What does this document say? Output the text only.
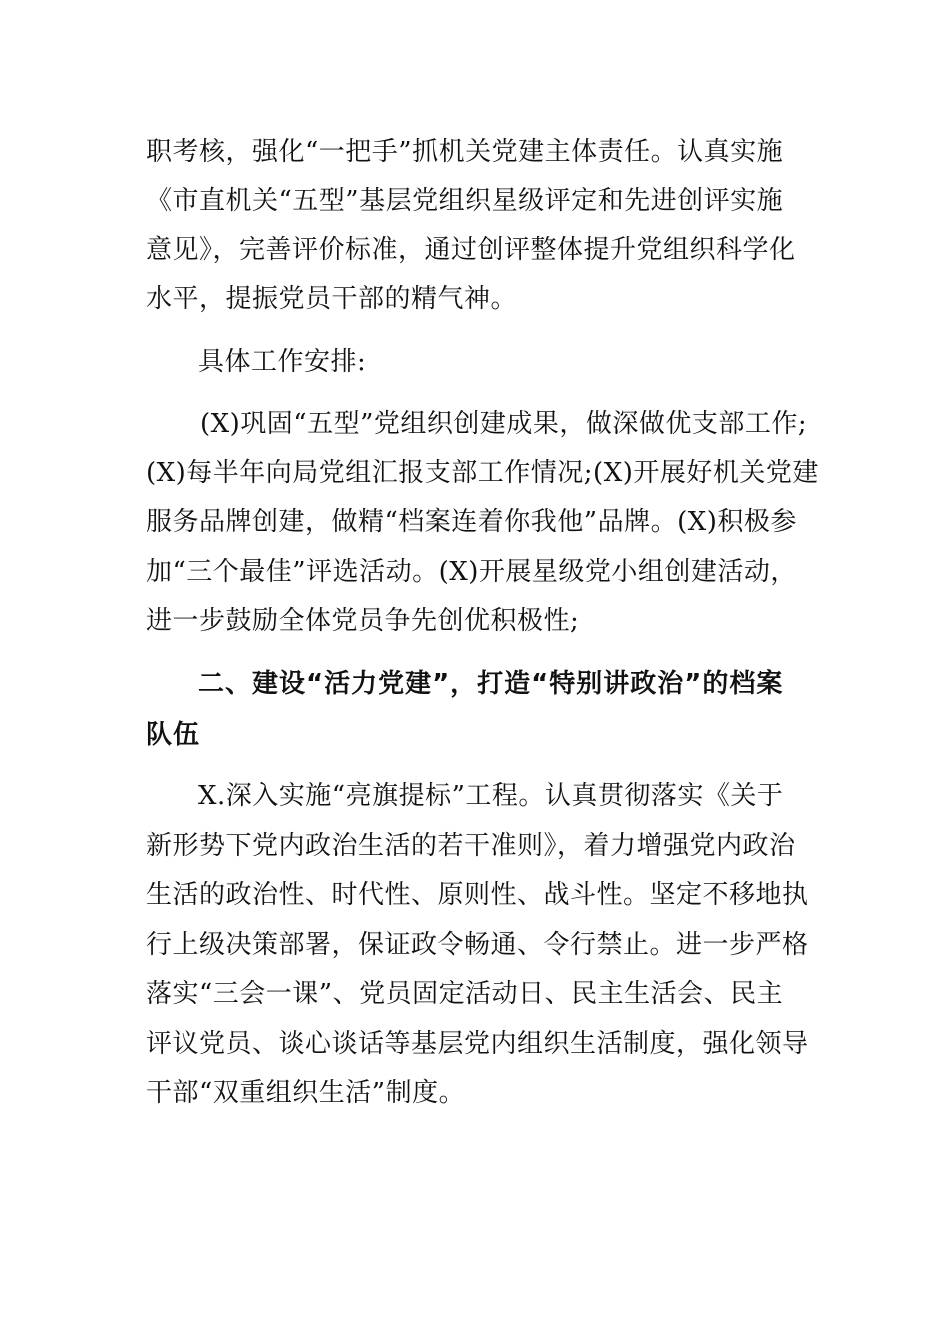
职考核，强化“一把手”抓机关党建主体责任。认真实施
《市直机关“五型”基层党组织星级评定和先进创评实施
意见》，完善评价标准，通过创评整体提升党组织科学化
水平，提振党员干部的精气神。
具体工作安排:
(X)巩固“五型”党组织创建成果，做深做优支部工作;
(X)每半年向局党组汇报支部工作情况;(X)开展好机关党建
服务品牌创建，做精“档案连着你我他”品牌。(X)积极参
加“三个最佳”评选活动。(X)开展星级党小组创建活动，
进一步鼓励全体党员争先创优积极性;
二、建设“活力党建”，打造“特别讲政治”的档案
队伍
X.深入实施“亮旗提标”工程。认真贯彻落实《关于
新形势下党内政治生活的若干准则》，着力增强党内政治
生活的政治性、时代性、原则性、战斗性。坚定不移地执
行上级决策部署，保证政令畅通、令行禁止。进一步严格
落实“三会一课”、党员固定活动日、民主生活会、民主
评议党员、谈心谈话等基层党内组织生活制度，强化领导
干部“双重组织生活”制度。
